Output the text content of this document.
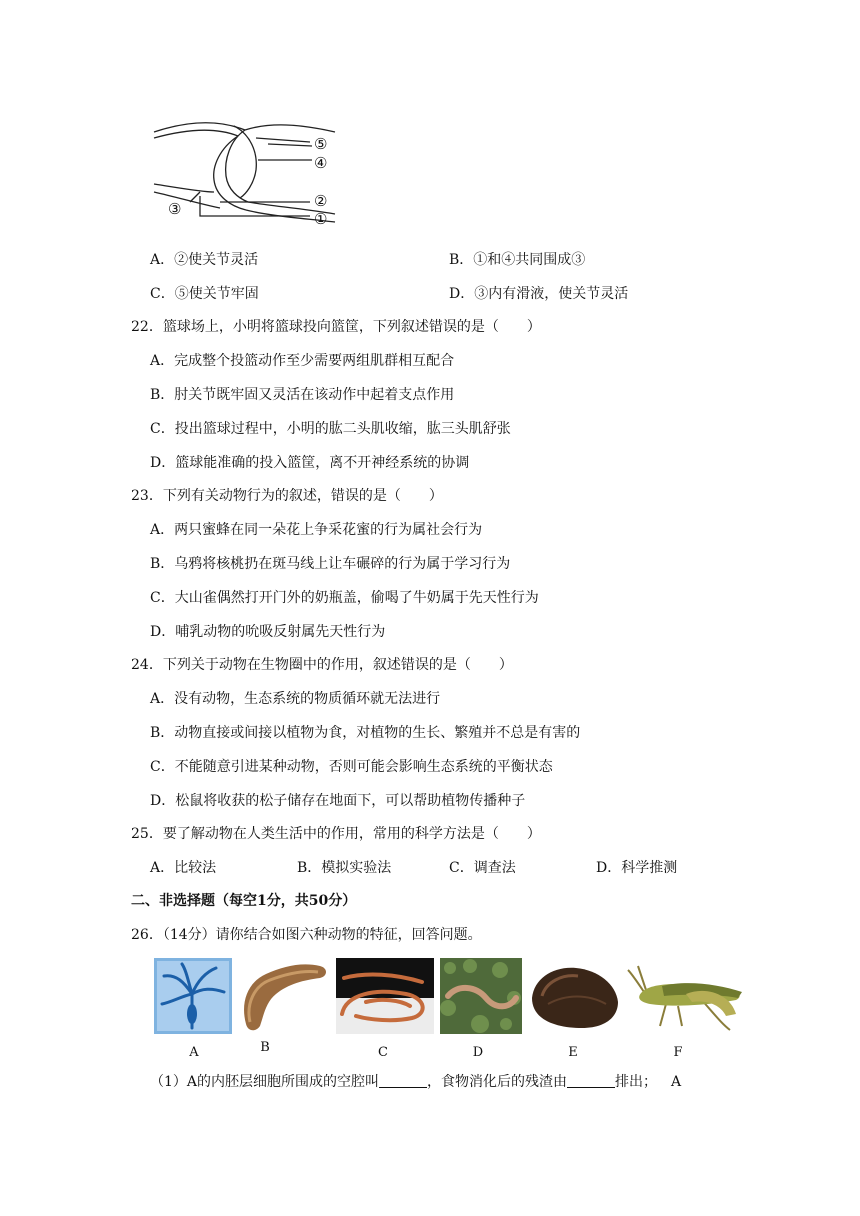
⑤
④
②
①
③
A．②使关节灵活	B．①和④共同围成③
C．⑤使关节牢固	D．③内有滑液，使关节灵活
22．篮球场上，小明将篮球投向篮筐，下列叙述错误的是（　　）
A．完成整个投篮动作至少需要两组肌群相互配合
B．肘关节既牢固又灵活在该动作中起着支点作用
C．投出篮球过程中，小明的肱二头肌收缩，肱三头肌舒张
D．篮球能准确的投入篮筐，离不开神经系统的协调
23．下列有关动物行为的叙述，错误的是（　　）
A．两只蜜蜂在同一朵花上争采花蜜的行为属社会行为
B．乌鸦将核桃扔在斑马线上让车碾碎的行为属于学习行为
C．大山雀偶然打开门外的奶瓶盖，偷喝了牛奶属于先天性行为
D．哺乳动物的吮吸反射属先天性行为
24．下列关于动物在生物圈中的作用，叙述错误的是（　　）
A．没有动物，生态系统的物质循环就无法进行
B．动物直接或间接以植物为食，对植物的生长、繁殖并不总是有害的
C．不能随意引进某种动物，否则可能会影响生态系统的平衡状态
D．松鼠将收获的松子储存在地面下，可以帮助植物传播种子
25．要了解动物在人类生活中的作用，常用的科学方法是（　　）
A．比较法	B．模拟实验法	C．调查法	D．科学推测
二、非选择题（每空1分，共50分）
26．（14分）请你结合如图六种动物的特征，回答问题。
A	B	C	D	E	F
（1）A的内胚层细胞所围成的空腔叫	，食物消化后的残渣由	排出； A
